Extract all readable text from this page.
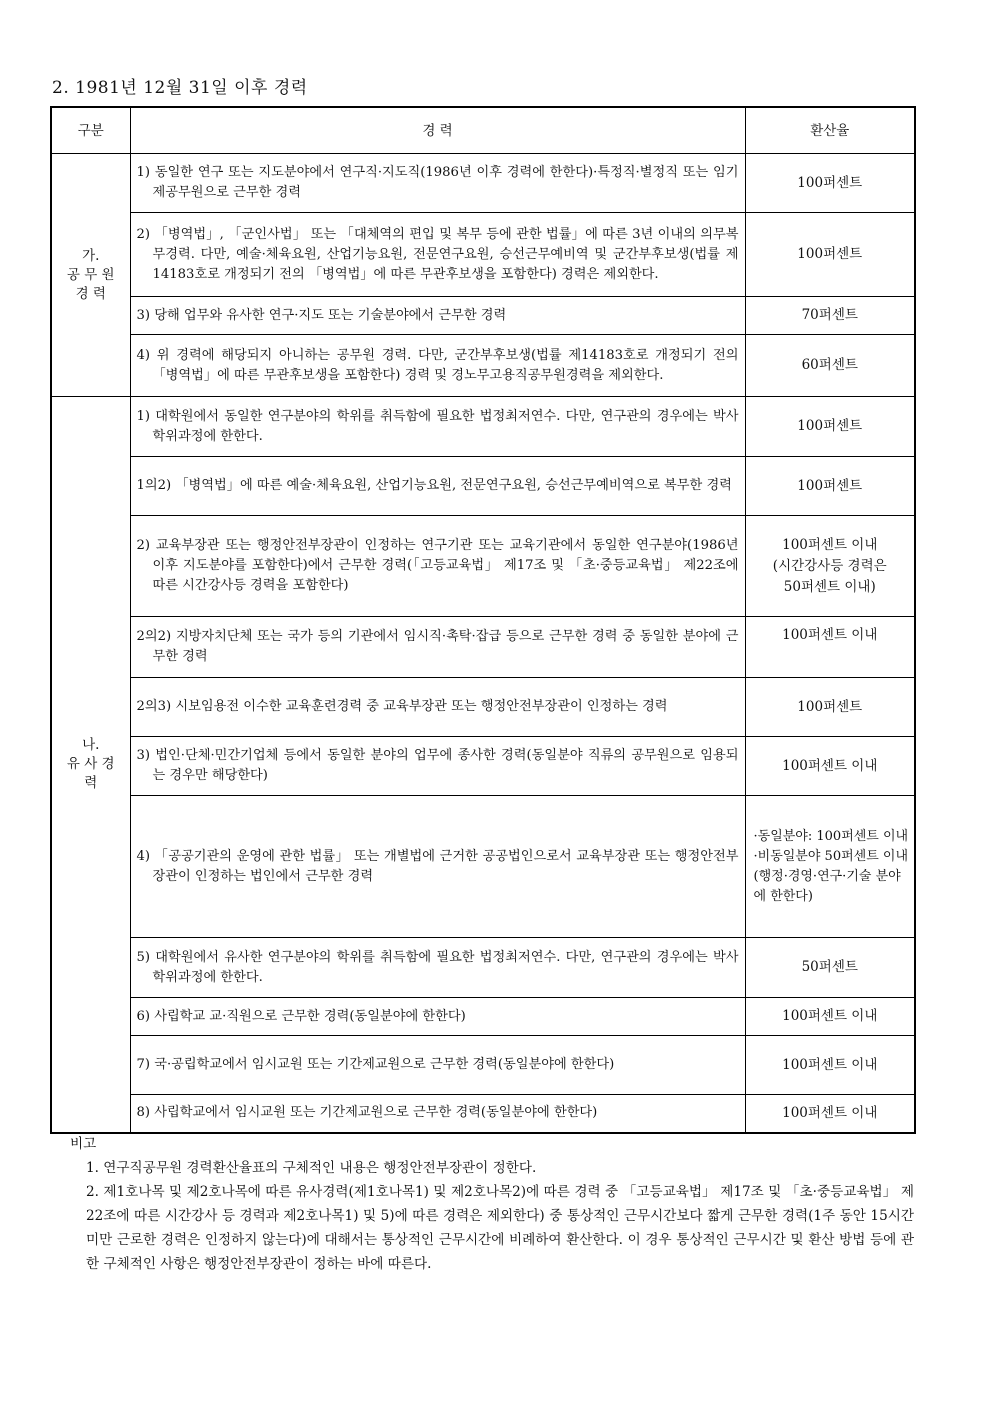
2. 1981년 12월 31일 이후 경력
구분	경 력	환산율
가.
공 무 원
경 력	1) 동일한 연구 또는 지도분야에서 연구직·지도직(1986년 이후 경력에 한한다)·특정직·별정직 또는 임기제공무원으로 근무한 경력	100퍼센트

	2) 「병역법」, 「군인사법」 또는 「대체역의 편입 및 복무 등에 관한 법률」에 따른 3년 이내의 의무복무경력. 다만, 예술·체육요원, 산업기능요원, 전문연구요원, 승선근무예비역 및 군간부후보생(법률 제14183호로 개정되기 전의 「병역법」에 따른 무관후보생을 포함한다) 경력은 제외한다.	100퍼센트

	3) 당해 업무와 유사한 연구·지도 또는 기술분야에서 근무한 경력	70퍼센트

	4) 위 경력에 해당되지 아니하는 공무원 경력. 다만, 군간부후보생(법률 제14183호로 개정되기 전의 「병역법」에 따른 무관후보생을 포함한다) 경력 및 경노무고용직공무원경력을 제외한다.	60퍼센트
나.
유 사 경
력	1) 대학원에서 동일한 연구분야의 학위를 취득함에 필요한 법정최저연수. 다만, 연구관의 경우에는 박사학위과정에 한한다.	100퍼센트

	1의2) 「병역법」에 따른 예술·체육요원, 산업기능요원, 전문연구요원, 승선근무예비역으로 복무한 경력	100퍼센트

	2) 교육부장관 또는 행정안전부장관이 인정하는 연구기관 또는 교육기관에서 동일한 연구분야(1986년 이후 지도분야를 포함한다)에서 근무한 경력(「고등교육법」 제17조 및 「초·중등교육법」 제22조에 따른 시간강사등 경력을 포함한다)	100퍼센트 이내
(시간강사등 경력은
50퍼센트 이내)

	2의2) 지방자치단체 또는 국가 등의 기관에서 임시직·촉탁·잡급 등으로 근무한 경력 중 동일한 분야에 근무한 경력	100퍼센트 이내

	2의3) 시보임용전 이수한 교육훈련경력 중 교육부장관 또는 행정안전부장관이 인정하는 경력	100퍼센트

	3) 법인·단체·민간기업체 등에서 동일한 분야의 업무에 종사한 경력(동일분야 직류의 공무원으로 임용되는 경우만 해당한다)	100퍼센트 이내

	4) 「공공기관의 운영에 관한 법률」 또는 개별법에 근거한 공공법인으로서 교육부장관 또는 행정안전부장관이 인정하는 법인에서 근무한 경력	·동일분야: 100퍼센트 이내
·비동일분야 50퍼센트 이내(행정·경영·연구·기술 분야에 한한다)

	5) 대학원에서 유사한 연구분야의 학위를 취득함에 필요한 법정최저연수. 다만, 연구관의 경우에는 박사학위과정에 한한다.	50퍼센트

	6) 사립학교 교·직원으로 근무한 경력(동일분야에 한한다)	100퍼센트 이내

	7) 국·공립학교에서 임시교원 또는 기간제교원으로 근무한 경력(동일분야에 한한다)	100퍼센트 이내

	8) 사립학교에서 임시교원 또는 기간제교원으로 근무한 경력(동일분야에 한한다)	100퍼센트 이내
비고
1. 연구직공무원 경력환산율표의 구체적인 내용은 행정안전부장관이 정한다.
2. 제1호나목 및 제2호나목에 따른 유사경력(제1호나목1) 및 제2호나목2)에 따른 경력 중 「고등교육법」 제17조 및 「초·중등교육법」 제22조에 따른 시간강사 등 경력과 제2호나목1) 및 5)에 따른 경력은 제외한다) 중 통상적인 근무시간보다 짧게 근무한 경력(1주 동안 15시간 미만 근로한 경력은 인정하지 않는다)에 대해서는 통상적인 근무시간에 비례하여 환산한다. 이 경우 통상적인 근무시간 및 환산 방법 등에 관한 구체적인 사항은 행정안전부장관이 정하는 바에 따른다.
